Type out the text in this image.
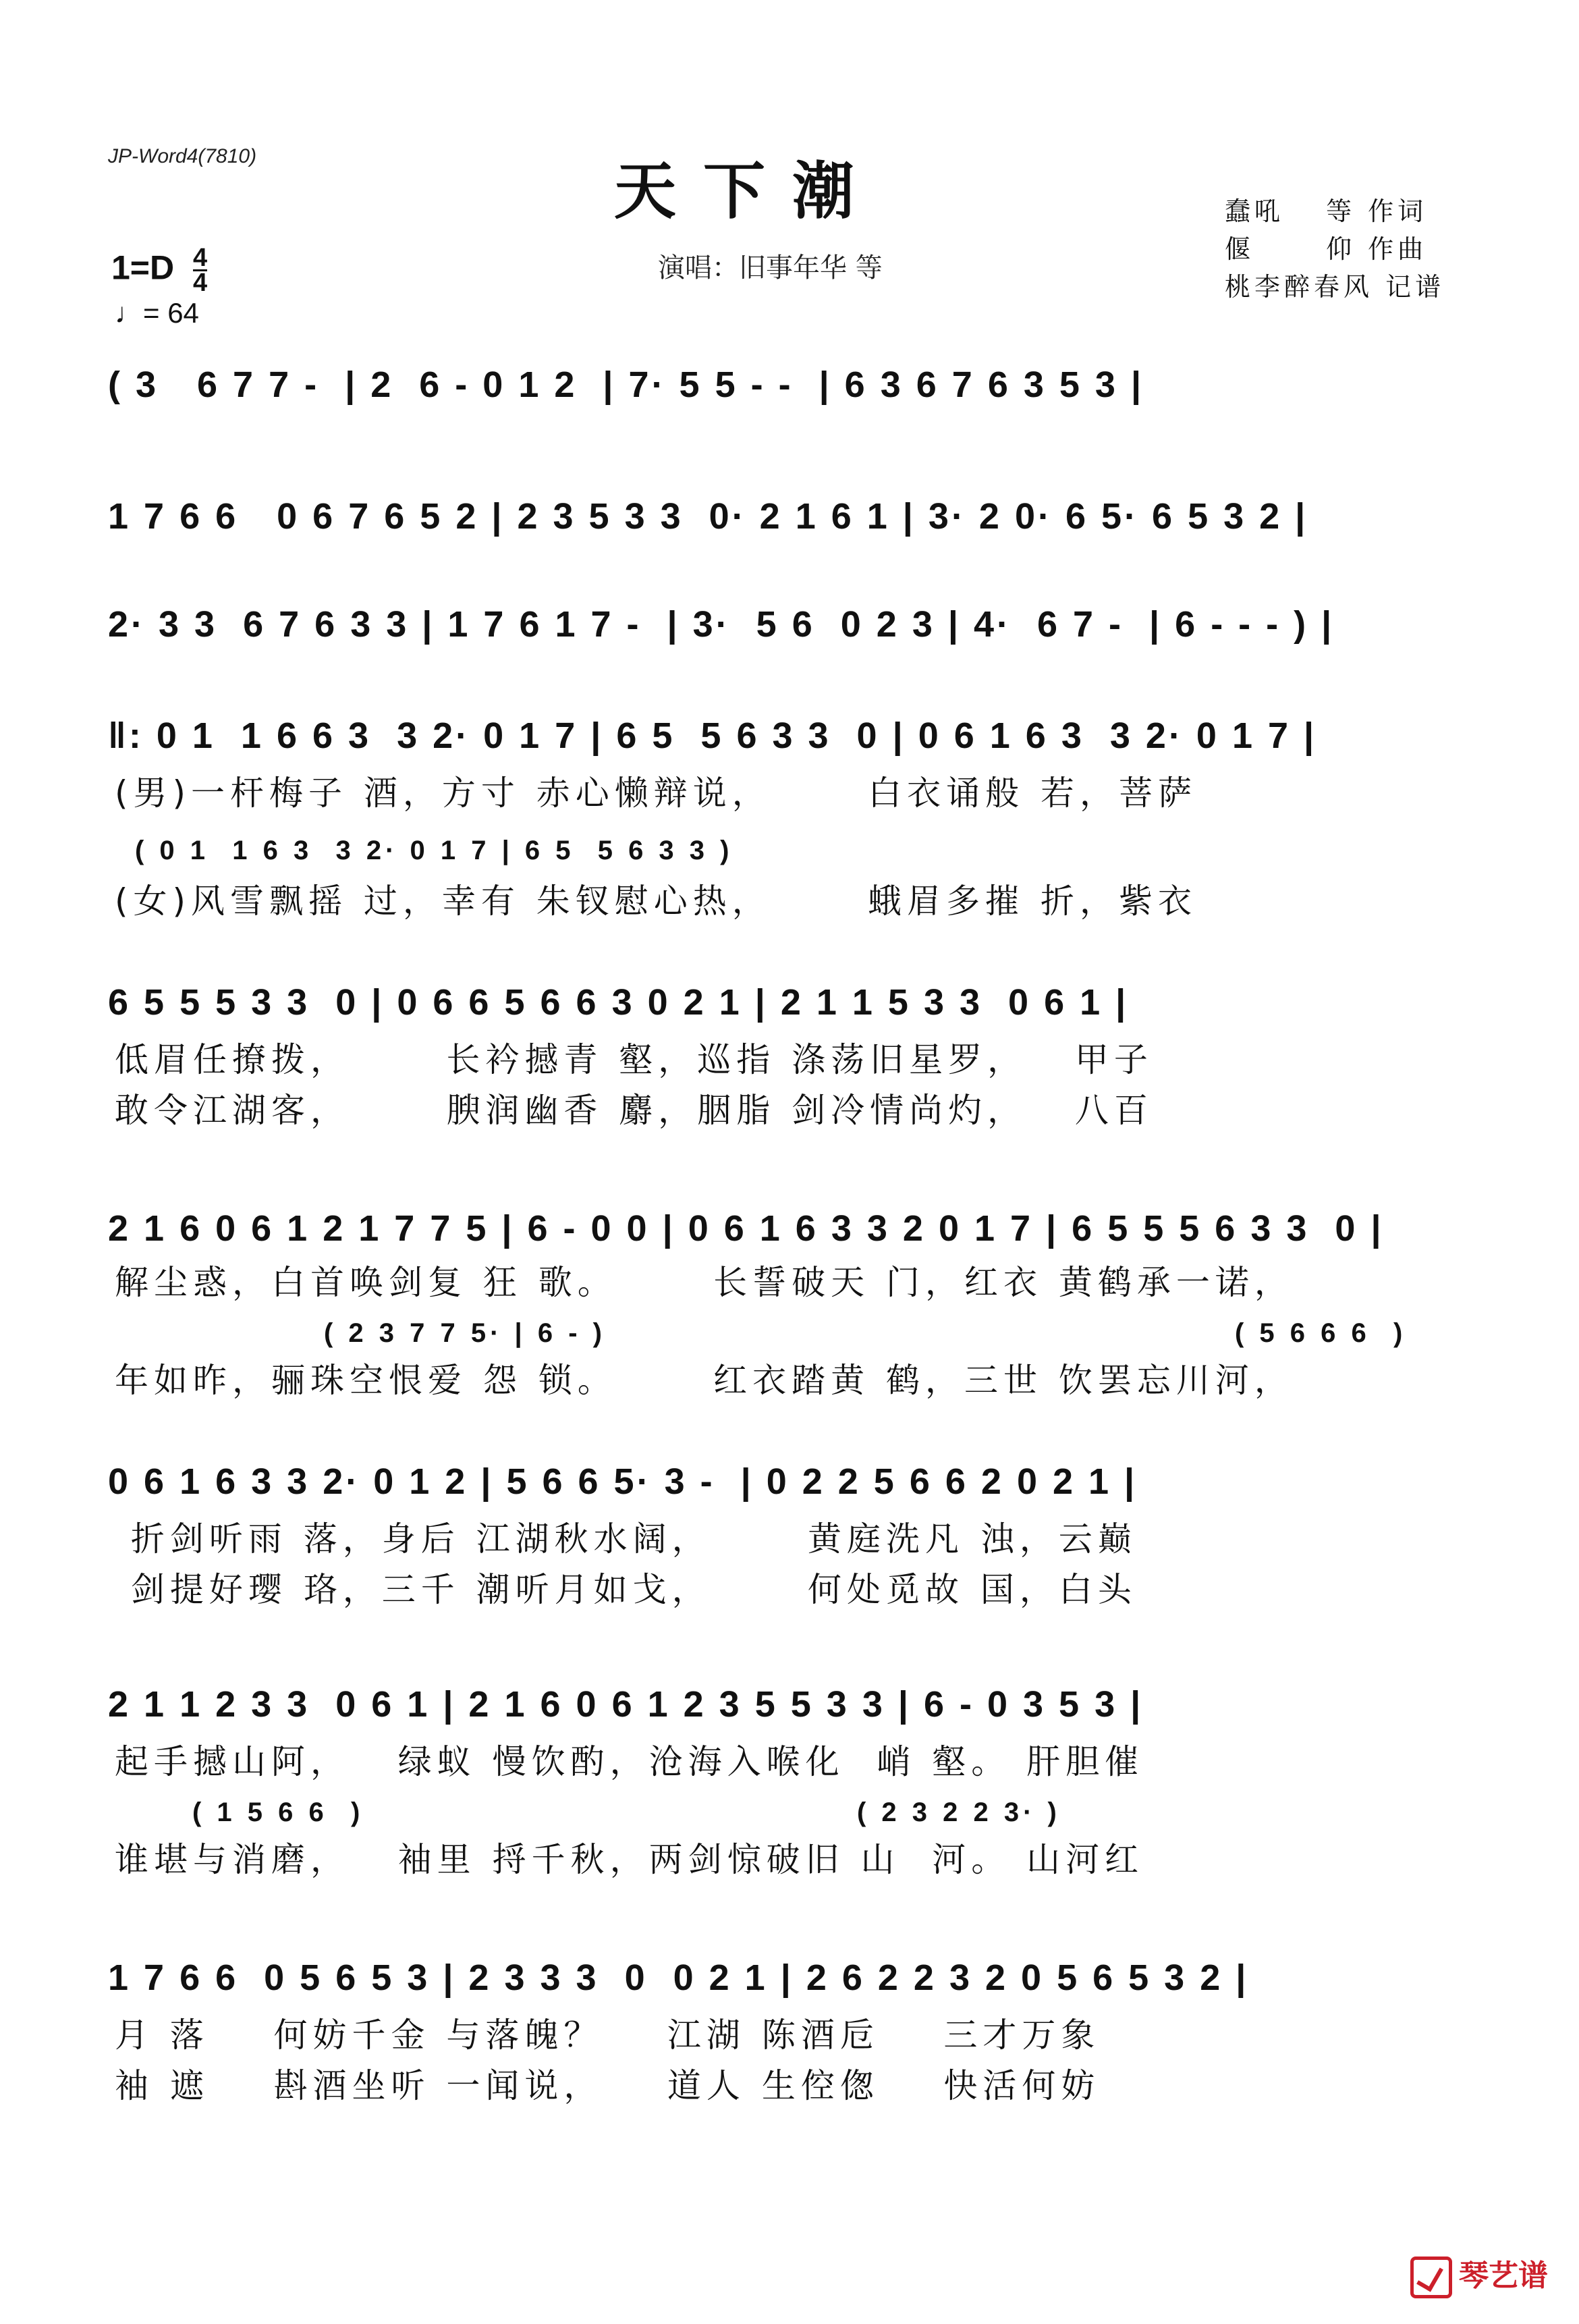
JP-Word4(7810)	天下潮
演唱：旧事年华 等
蠢吼 　等 作词
偃 　　仰 作曲
桃李醉春风 记谱
$1=D \frac{4}{4}$
♩= 64
( 3   6 7 7 -  | 2  6 - 0 1 2  | 7· 5 5 - -  | 6 3 6 7 6 3 5 3 |
1 7 6 6   0 6 7 6 5 2 | 2 3 5 3 3  0· 2 1 6 1 | 3· 2 0· 6 5· 6 5 3 2 |
2· 3 3  6 7 6 3 3 | 1 7 6 1 7 -  | 3·  5 6  0 2 3 | 4·  6 7 -  | 6 - - - ) |
‖: 0 1  1 6 6 3  3 2· 0 1 7 | 6 5  5 6 3 3  0 | 0 6 1 6 3  3 2· 0 1 7 |
(男)一杆梅子 酒，方寸 赤心懒辩说，      白衣诵般 若，菩萨
( 0 1  1 6 3  3 2· 0 1 7 | 6 5  5 6 3 3 )
(女)风雪飘摇 过，幸有 朱钗慰心热，      蛾眉多摧 折，紫衣
6 5 5 5 3 3  0 | 0 6 6 5 6 6 3 0 2 1 | 2 1 1 5 3 3  0 6 1 |
低眉任撩拨，      长衿撼青 壑，巡指 涤荡旧星罗，   甲子
敢令江湖客，      腴润幽香 麝，胭脂 剑冷情尚灼，   八百
2 1 6 0 6 1 2 1 7 7 5 | 6 - 0 0 | 0 6 1 6 3 3 2 0 1 7 | 6 5 5 5 6 3 3  0 |
解尘惑，白首唤剑复 狂 歌。      长誓破天 门，红衣 黄鹤承一诺，
( 2 3 7 7 5· | 6 - )	( 5 6 6 6  )
年如昨，骊珠空恨爱 怨 锁。      红衣踏黄 鹤，三世 饮罢忘川河，
0 6 1 6 3 3 2· 0 1 2 | 5 6 6 5· 3 -  | 0 2 2 5 6 6 2 0 2 1 |
折剑听雨 落，身后 江湖秋水阔，      黄庭洗凡 浊，云巅
剑提好璎 珞，三千 潮听月如戈，      何处觅故 国，白头
2 1 1 2 3 3  0 6 1 | 2 1 6 0 6 1 2 3 5 5 3 3 | 6 - 0 3 5 3 |
起手撼山阿，   绿蚁 慢饮酌，沧海入喉化  峭 壑。 肝胆催
( 1 5 6 6  )	( 2 3 2 2 3· )
谁堪与消磨，   袖里 捋千秋，两剑惊破旧 山  河。 山河红
1 7 6 6  0 5 6 5 3 | 2 3 3 3  0  0 2 1 | 2 6 2 2 3 2 0 5 6 5 3 2 |
月 落    何妨千金 与落魄？    江湖 陈酒卮    三才万象
袖 遮    斟酒坐听 一闻说，    道人 生倥偬    快活何妨
琴艺谱
